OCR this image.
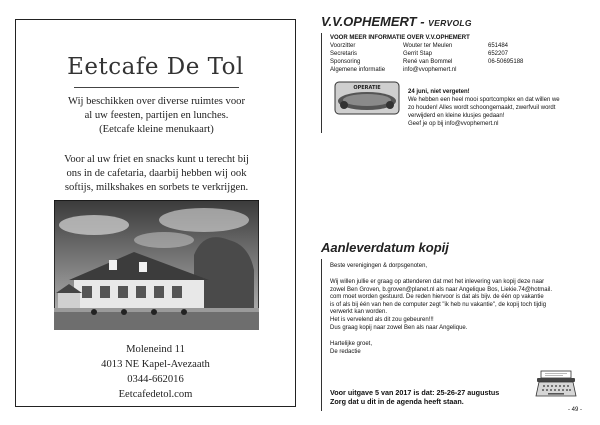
Eetcafe De Tol
Wij beschikken over diverse ruimtes voor
al uw feesten, partijen en lunches.
(Eetcafe kleine menukaart)
Voor al uw friet en snacks kunt u terecht bij
ons in de cafetaria, daarbij hebben wij ook
softijs, milkshakes en sorbets te verkrijgen.
Moleneind 11
4013 NE Kapel-Avezaath
0344-662016
Eetcafedetol.com
V.V.OPHEMERT - VERVOLG
VOOR MEER INFORMATIE OVER V.V.OPHEMERT
Voorzitter	Wouter ter Meulen	651484
Secretaris	Gerrit Stap	652207
Sponsoring	René van Bommel	06-50695188
Algemene informatie	info@vvophemert.nl
OPERATIE
24 juni, niet vergeten!
We hebben een heel mooi sportcomplex en dat willen we
zo houden! Alles wordt schoongemaakt, zwerfvuil wordt
verwijderd en kleine klusjes gedaan!
Geef je op bij info@vvophemert.nl
Aanleverdatum kopij

Beste verenigingen & dorpsgenoten,

Wij willen jullie er graag op attenderen dat met het inlevering van kopij deze naar

zowel Ben Groven, b.groven@planet.nl als naar Angelique Bos, Liekie.74@hotmail.

com moet worden gestuurd. De reden hiervoor is dat als bijv. de één op vakantie

is of als bij één van hen de computer zegt "ik heb nu vakantie", de kopij toch tijdig

verwerkt kan worden.

Het is vervelend als dit zou gebeuren!!!

Dus graag kopij naar zowel Ben als naar Angelique.

Hartelijke groet,

De redactie

Voor uitgave 5 van 2017 is dat: 25-26-27 augustus

Zorg dat u dit in de agenda heeft staan.

- 49 -
